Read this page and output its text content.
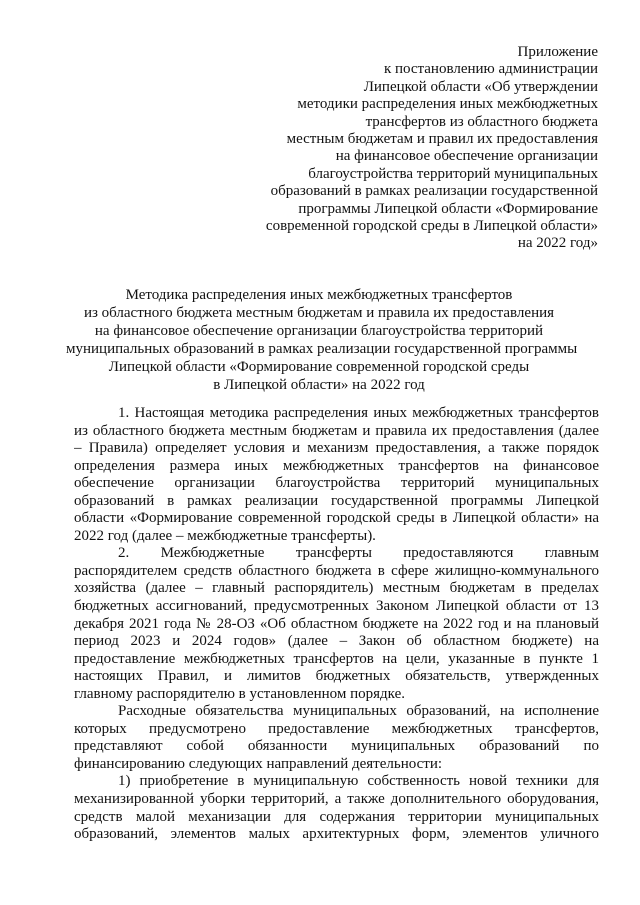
Приложение
к постановлению администрации
Липецкой области «Об утверждении
методики распределения иных межбюджетных
трансфертов из областного бюджета
местным бюджетам и правил их предоставления
на финансовое обеспечение организации
благоустройства территорий муниципальных
образований в рамках реализации государственной
программы Липецкой области «Формирование
современной городской среды в Липецкой области»
на 2022 год»
Методика распределения иных межбюджетных трансфертов
из областного бюджета местным бюджетам и правила их предоставления
на финансовое обеспечение организации благоустройства территорий
муниципальных образований в рамках реализации государственной программы
Липецкой области «Формирование современной городской среды
в Липецкой области» на 2022 год
1. Настоящая методика распределения иных межбюджетных трансфертов
из областного бюджета местным бюджетам и правила их предоставления (далее
– Правила) определяет условия и механизм предоставления, а также порядок
определения размера иных межбюджетных трансфертов на финансовое
обеспечение организации благоустройства территорий муниципальных
образований в рамках реализации государственной программы Липецкой
области «Формирование современной городской среды в Липецкой области» на
2022 год (далее – межбюджетные трансферты).
2. Межбюджетные трансферты предоставляются главным
распорядителем средств областного бюджета в сфере жилищно-коммунального
хозяйства (далее – главный распорядитель) местным бюджетам в пределах
бюджетных ассигнований, предусмотренных Законом Липецкой области от 13
декабря 2021 года № 28-ОЗ «Об областном бюджете на 2022 год и на плановый
период 2023 и 2024 годов» (далее – Закон об областном бюджете) на
предоставление межбюджетных трансфертов на цели, указанные в пункте 1
настоящих Правил, и лимитов бюджетных обязательств, утвержденных
главному распорядителю в установленном порядке.
Расходные обязательства муниципальных образований, на исполнение
которых предусмотрено предоставление межбюджетных трансфертов,
представляют собой обязанности муниципальных образований по
финансированию следующих направлений деятельности:
1) приобретение в муниципальную собственность новой техники для
механизированной уборки территорий, а также дополнительного оборудования,
средств малой механизации для содержания территории муниципальных
образований, элементов малых архитектурных форм, элементов уличного
